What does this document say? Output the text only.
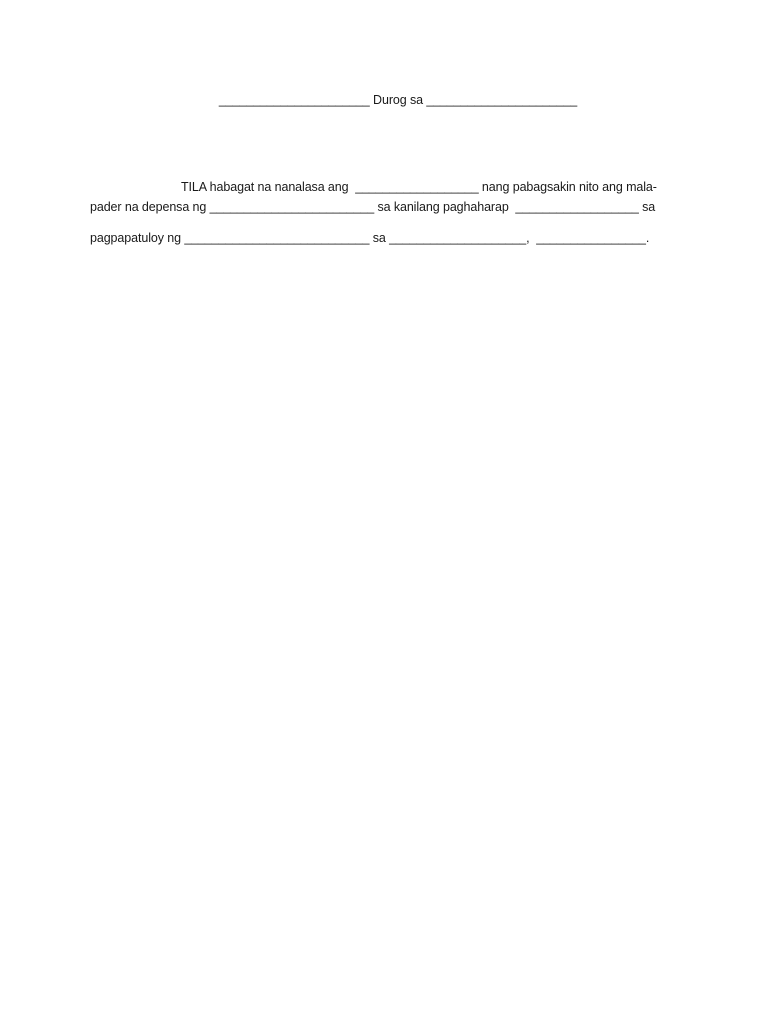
______________________ Durog sa ______________________
TILA habagat na nanalasa ang  __________________ nang pabagsakin nito ang mala-
pader na depensa ng ________________________ sa kanilang paghaharap  __________________ sa
pagpapatuloy ng ___________________________ sa ____________________,  ________________.
